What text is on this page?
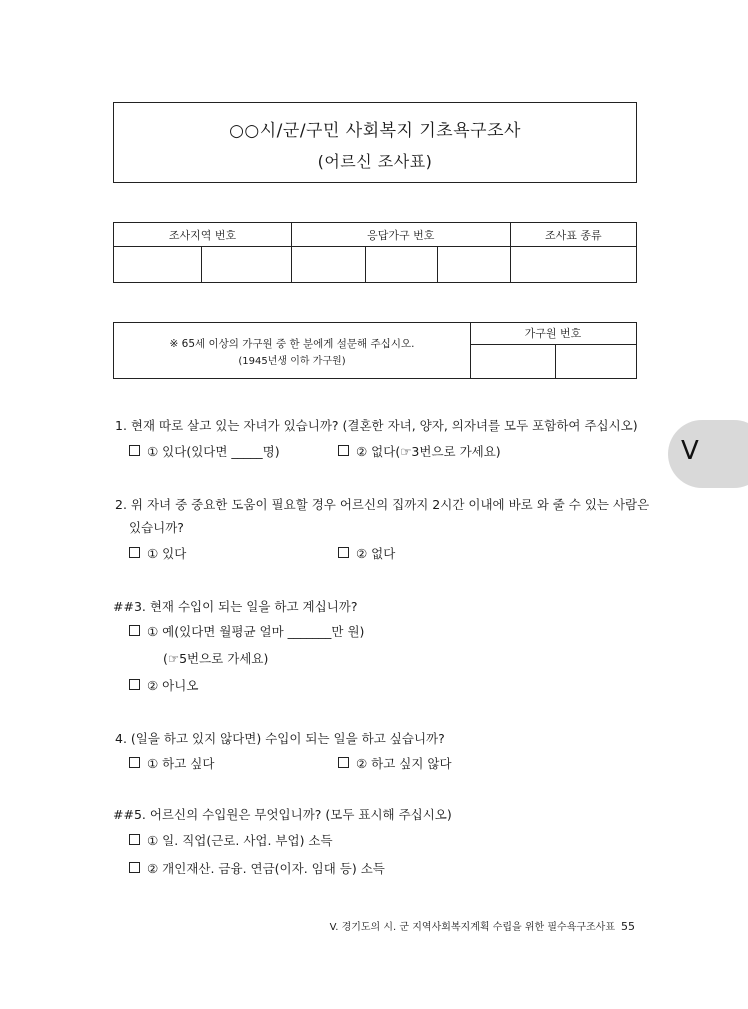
○○시/군/구민 사회복지 기초욕구조사
(어르신 조사표)
조사지역 번호		응답가구 번호			조사표 종류

※ 65세 이상의 가구원 중 한 분에게 설문해 주십시오.
(1945년생 이하 가구원)
가구원 번호
V
1. 현재 따로 살고 있는 자녀가 있습니까? (결혼한 자녀, 양자, 의자녀를 모두 포함하여 주십시오)
① 있다(있다면 _____명)	② 없다(☞3번으로 가세요)
2. 위 자녀 중 중요한 도움이 필요할 경우 어르신의 집까지 2시간 이내에 바로 와 줄 수 있는 사람은
있습니까?
① 있다	② 없다
##3. 현재 수입이 되는 일을 하고 계십니까?
① 예(있다면 월평균 얼마 _______만 원)
(☞5번으로 가세요)
② 아니오
4. (일을 하고 있지 않다면) 수입이 되는 일을 하고 싶습니까?
① 하고 싶다	② 하고 싶지 않다
##5. 어르신의 수입원은 무엇입니까? (모두 표시해 주십시오)
① 일. 직업(근로. 사업. 부업) 소득
② 개인재산. 금융. 연금(이자. 임대 등) 소득
V. 경기도의 시. 군 지역사회복지계획 수립을 위한 필수욕구조사표 55
